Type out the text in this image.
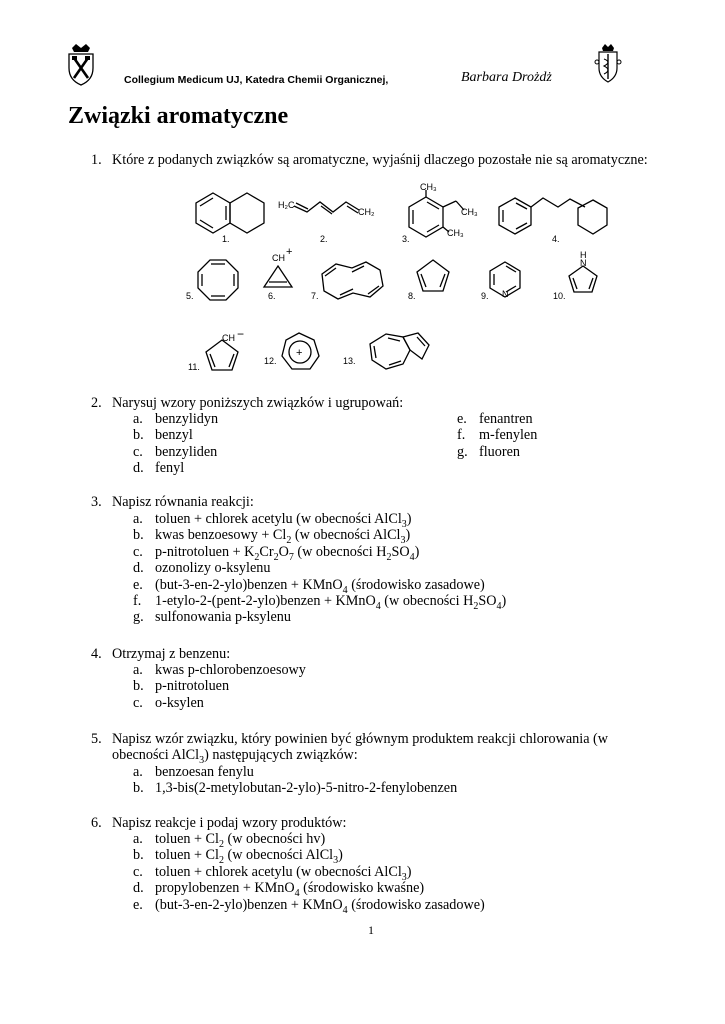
Collegium Medicum UJ, Katedra Chemii Organicznej,	Barbara Drożdż
Związki aromatyczne
1. Które z podanych związków są aromatyczne, wyjaśnij dlaczego pozostałe nie są aromatyczne:
1.	2.	3.	4.
5.	6.	7.	8.	9.	10.
11.
12.	13.
H₂C
CH₂
CH₃
CH₃
CH₃
CH +
N
H
N
CH −
+
2. Narysuj wzory poniższych związków i ugrupowań:
a. benzylidyn
b. benzyl
c. benzyliden
d. fenyl
e. fenantren
f. m-fenylen
g. fluoren
3. Napisz równania reakcji:
a. toluen + chlorek acetylu (w obecności AlCl$_3$)
b. kwas benzoesowy + $Cl_2$ (w obecności AlCl$_3$)
c. p-nitrotoluen + $K_2Cr_2O_7$ (w obecności $H_2SO_4$)
d. ozonolizy o-ksylenu
e. (but-3-en-2-ylo)benzen + KMnO$_4$ (środowisko zasadowe)
f. 1-etylo-2-(pent-2-ylo)benzen + KMnO$_4$ (w obecności $H_2SO_4$)
g. sulfonowania p-ksylenu
4. Otrzymaj z benzenu:
a. kwas p-chlorobenzoesowy
b. p-nitrotoluen
c. o-ksylen
5. Napisz wzór związku, który powinien być głównym produktem reakcji chlorowania (w
obecności AlCl$_3$) następujących związków:
a. benzoesan fenylu
b. 1,3-bis(2-metylobutan-2-ylo)-5-nitro-2-fenylobenzen
6. Napisz reakcje i podaj wzory produktów:
a. toluen + $Cl_2$ (w obecności hv)
b. toluen + $Cl_2$ (w obecności AlCl$_3$)
c. toluen + chlorek acetylu (w obecności AlCl$_3$)
d. propylobenzen + KMnO$_4$ (środowisko kwaśne)
e. (but-3-en-2-ylo)benzen + KMnO$_4$ (środowisko zasadowe)
1
